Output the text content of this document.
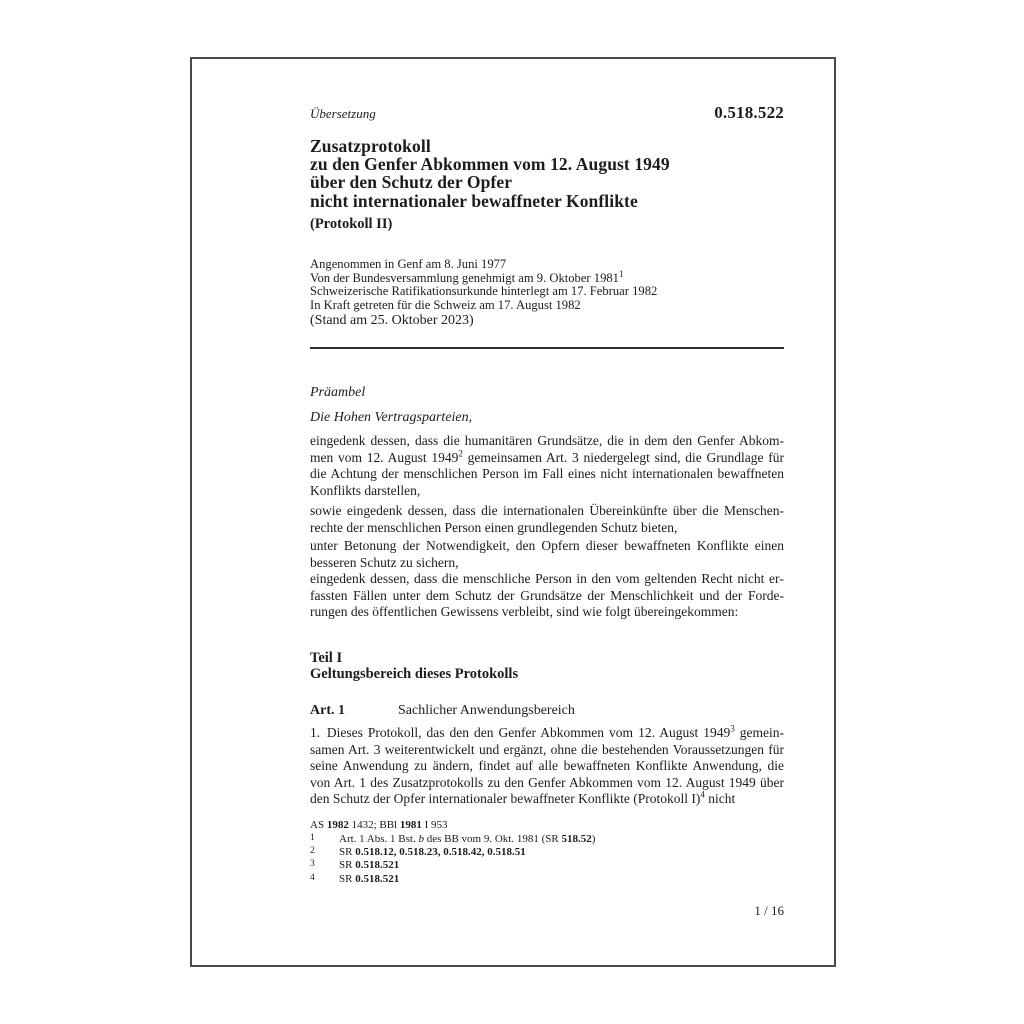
Übersetzung	0.518.522
Zusatzprotokoll
zu den Genfer Abkommen vom 12. August 1949
über den Schutz der Opfer
nicht internationaler bewaffneter Konflikte
(Protokoll II)
Angenommen in Genf am 8. Juni 1977
Von der Bundesversammlung genehmigt am 9. Oktober 1981$^1$
Schweizerische Ratifikationsurkunde hinterlegt am 17. Februar 1982
In Kraft getreten für die Schweiz am 17. August 1982
(Stand am 25. Oktober 2023)
Präambel
Die Hohen Vertragsparteien,

eingedenk dessen, dass die humanitären Grundsätze, die in dem den Genfer Abkommen vom 12. August 1949$^2$ gemeinsamen Art. 3 niedergelegt sind, die Grundlage für die Achtung der menschlichen Person im Fall eines nicht internationalen bewaffneten Konflikts darstellen,

sowie eingedenk dessen, dass die internationalen Übereinkünfte über die Menschenrechte der menschlichen Person einen grundlegenden Schutz bieten,

unter Betonung der Notwendigkeit, den Opfern dieser bewaffneten Konflikte einen besseren Schutz zu sichern,

eingedenk dessen, dass die menschliche Person in den vom geltenden Recht nicht erfassten Fällen unter dem Schutz der Grundsätze der Menschlichkeit und der Forderungen des öffentlichen Gewissens verbleibt, sind wie folgt übereingekommen:

Teil I
Geltungsbereich dieses Protokolls
Art. 1	Sachlicher Anwendungsbereich

1. Dieses Protokoll, das den den Genfer Abkommen vom 12. August 1949$^3$ gemeinsamen Art. 3 weiterentwickelt und ergänzt, ohne die bestehenden Voraussetzungen für seine Anwendung zu ändern, findet auf alle bewaffneten Konflikte Anwendung, die von Art. 1 des Zusatzprotokolls zu den Genfer Abkommen vom 12. August 1949 über den Schutz der Opfer internationaler bewaffneter Konflikte (Protokoll I)$^4$ nicht

AS 1982 1432; BBl 1981 I 953
1	Art. 1 Abs. 1 Bst. b des BB vom 9. Okt. 1981 (SR 518.52)
2	SR 0.518.12, 0.518.23, 0.518.42, 0.518.51
3	SR 0.518.521
4	SR 0.518.521
1 / 16
